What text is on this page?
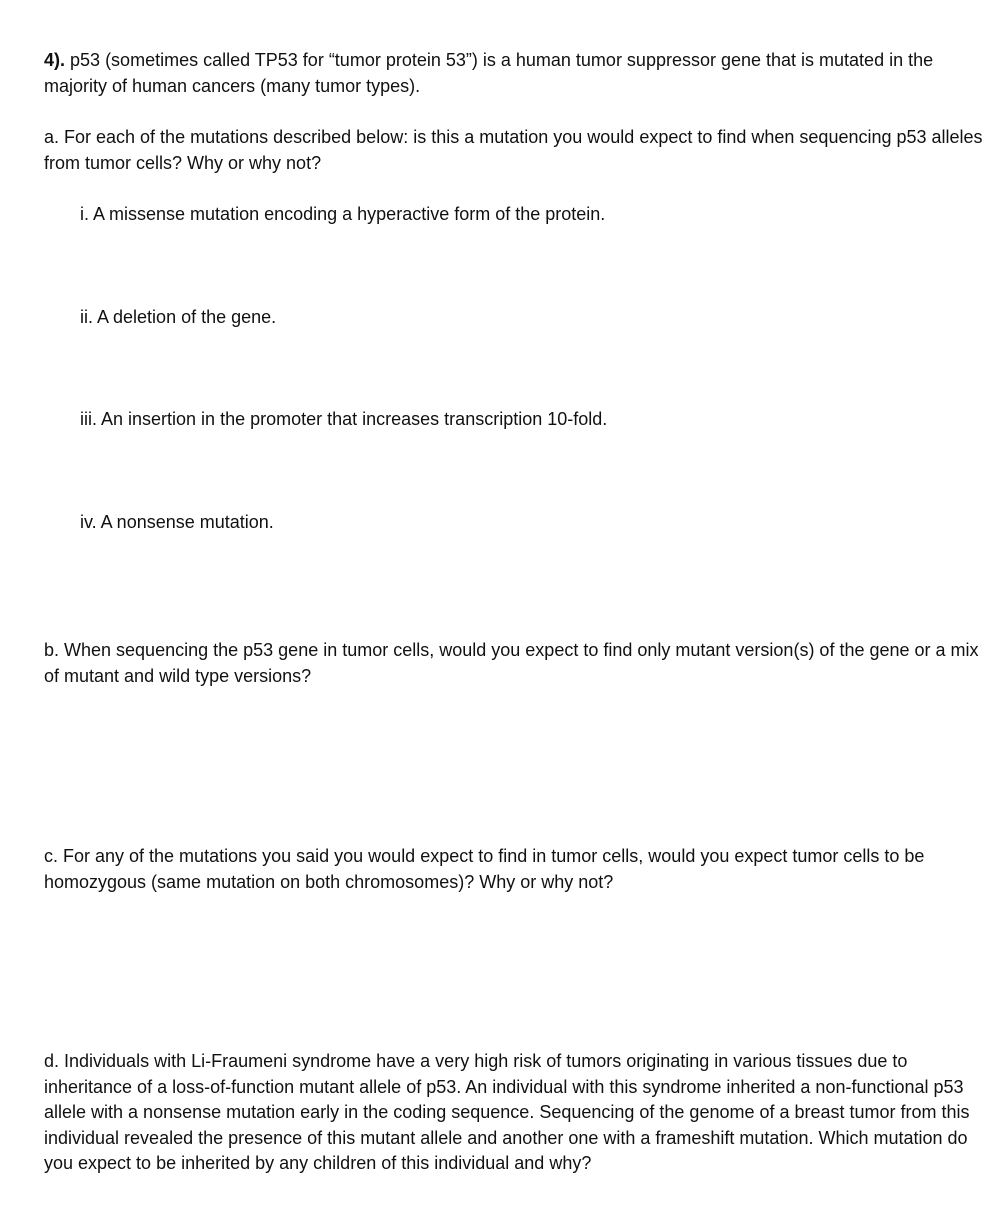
4). p53 (sometimes called TP53 for “tumor protein 53”) is a human tumor suppressor gene that is mutated in the majority of human cancers (many tumor types).

a. For each of the mutations described below: is this a mutation you would expect to find when sequencing p53 alleles from tumor cells? Why or why not?

i. A missense mutation encoding a hyperactive form of the protein.

ii. A deletion of the gene.

iii. An insertion in the promoter that increases transcription 10-fold.

iv. A nonsense mutation.

b. When sequencing the p53 gene in tumor cells, would you expect to find only mutant version(s) of the gene or a mix of mutant and wild type versions?

c. For any of the mutations you said you would expect to find in tumor cells, would you expect tumor cells to be homozygous (same mutation on both chromosomes)? Why or why not?

d. Individuals with Li-Fraumeni syndrome have a very high risk of tumors originating in various tissues due to inheritance of a loss-of-function mutant allele of p53. An individual with this syndrome inherited a non-functional p53 allele with a nonsense mutation early in the coding sequence. Sequencing of the genome of a breast tumor from this individual revealed the presence of this mutant allele and another one with a frameshift mutation. Which mutation do you expect to be inherited by any children of this individual and why?
